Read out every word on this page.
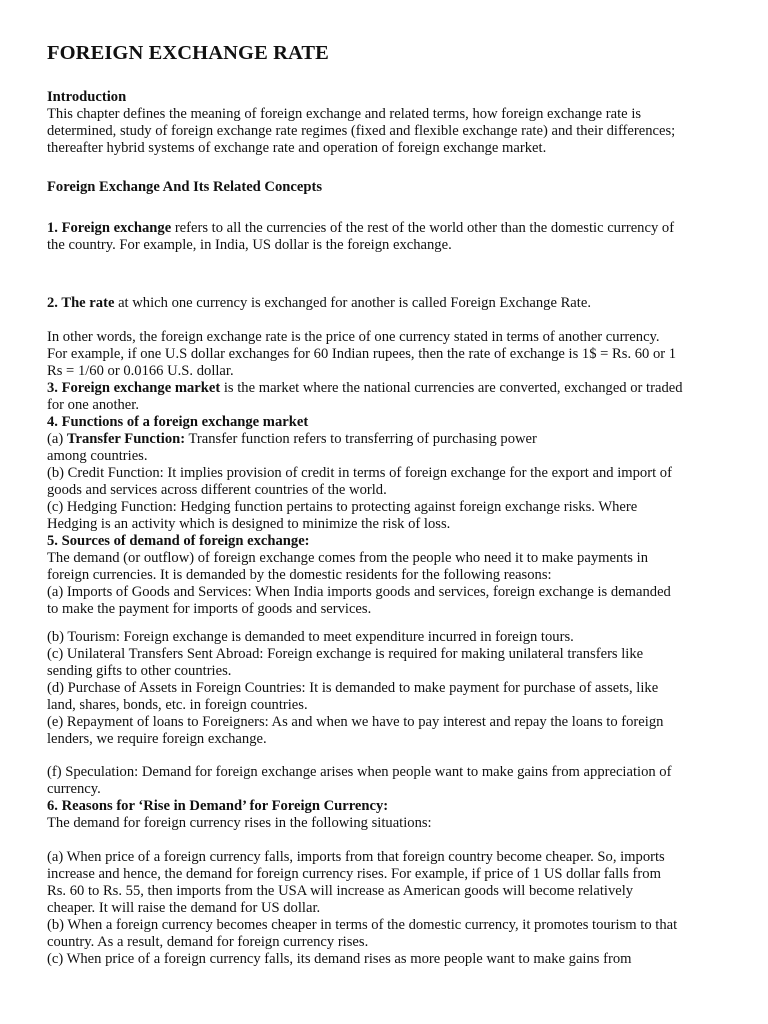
FOREIGN EXCHANGE RATE
Introduction
This chapter defines the meaning of foreign exchange and related terms, how foreign exchange rate is
determined, study of foreign exchange rate regimes (fixed and flexible exchange rate) and their differences;
thereafter hybrid systems of exchange rate and operation of foreign exchange market.
Foreign Exchange And Its Related Concepts
1. Foreign exchange refers to all the currencies of the rest of the world other than the domestic currency of
the country. For example, in India, US dollar is the foreign exchange.
2. The rate at which one currency is exchanged for another is called Foreign Exchange Rate.
In other words, the foreign exchange rate is the price of one currency stated in terms of another currency.
For example, if one U.S dollar exchanges for 60 Indian rupees, then the rate of exchange is 1$ = Rs. 60 or 1
Rs = 1/60 or 0.0166 U.S. dollar.
3. Foreign exchange market is the market where the national currencies are converted, exchanged or traded
for one another.
4. Functions of a foreign exchange market
(a) Transfer Function: Transfer function refers to transferring of purchasing power
among countries.
(b) Credit Function: It implies provision of credit in terms of foreign exchange for the export and import of
goods and services across different countries of the world.
(c) Hedging Function: Hedging function pertains to protecting against foreign exchange risks. Where
Hedging is an activity which is designed to minimize the risk of loss.
5. Sources of demand of foreign exchange:
The demand (or outflow) of foreign exchange comes from the people who need it to make payments in
foreign currencies. It is demanded by the domestic residents for the following reasons:
(a) Imports of Goods and Services: When India imports goods and services, foreign exchange is demanded
to make the payment for imports of goods and services.
(b) Tourism: Foreign exchange is demanded to meet expenditure incurred in foreign tours.
(c) Unilateral Transfers Sent Abroad: Foreign exchange is required for making unilateral transfers like
sending gifts to other countries.
(d) Purchase of Assets in Foreign Countries: It is demanded to make payment for purchase of assets, like
land, shares, bonds, etc. in foreign countries.
(e) Repayment of loans to Foreigners: As and when we have to pay interest and repay the loans to foreign
lenders, we require foreign exchange.
(f) Speculation: Demand for foreign exchange arises when people want to make gains from appreciation of
currency.
6. Reasons for ‘Rise in Demand’ for Foreign Currency:
The demand for foreign currency rises in the following situations:
(a) When price of a foreign currency falls, imports from that foreign country become cheaper. So, imports
increase and hence, the demand for foreign currency rises. For example, if price of 1 US dollar falls from
Rs. 60 to Rs. 55, then imports from the USA will increase as American goods will become relatively
cheaper. It will raise the demand for US dollar.
(b) When a foreign currency becomes cheaper in terms of the domestic currency, it promotes tourism to that
country. As a result, demand for foreign currency rises.
(c) When price of a foreign currency falls, its demand rises as more people want to make gains from
